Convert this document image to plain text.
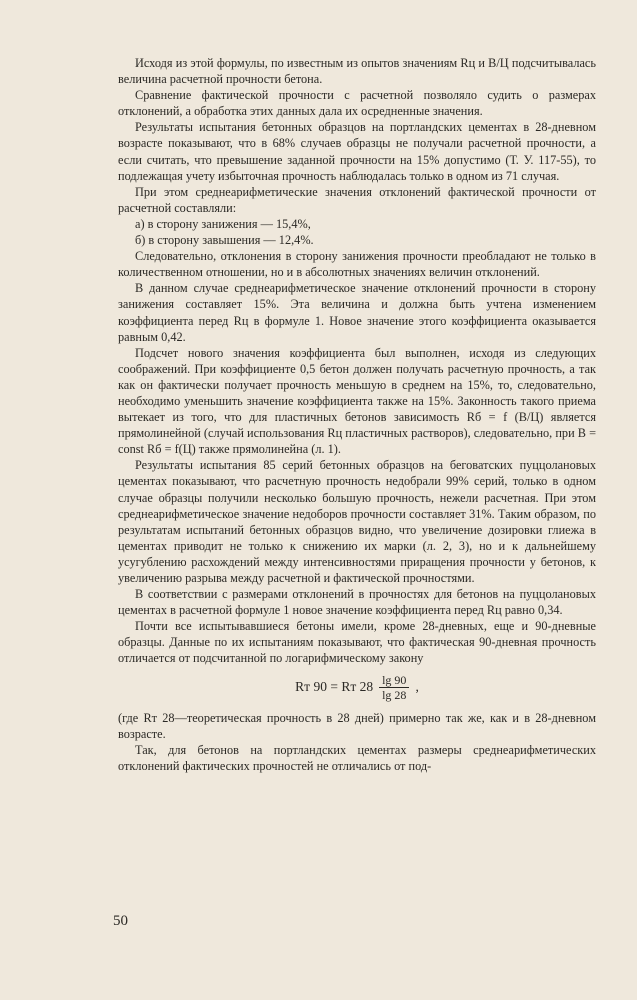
Исходя из этой формулы, по известным из опытов значениям Rц и В/Ц подсчитывалась величина расчетной прочности бетона.

Сравнение фактической прочности с расчетной позволяло судить о размерах отклонений, а обработка этих данных дала их осредненные значения.

Результаты испытания бетонных образцов на портландских цементах в 28-дневном возрасте показывают, что в 68% случаев образцы не получали расчетной прочности, а если считать, что превышение заданной прочности на 15% допустимо (Т. У. 117-55), то подлежащая учету избыточная прочность наблюдалась только в одном из 71 случая.

При этом среднеарифметические значения отклонений фактической прочности от расчетной составляли:

а) в сторону занижения — 15,4%,

б) в сторону завышения — 12,4%.

Следовательно, отклонения в сторону занижения прочности преобладают не только в количественном отношении, но и в абсолютных значениях величин отклонений.

В данном случае среднеарифметическое значение отклонений прочности в сторону занижения составляет 15%. Эта величина и должна быть учтена изменением коэффициента перед Rц в формуле 1. Новое значение этого коэффициента оказывается равным 0,42.

Подсчет нового значения коэффициента был выполнен, исходя из следующих соображений. При коэффициенте 0,5 бетон должен получать расчетную прочность, а так как он фактически получает прочность меньшую в среднем на 15%, то, следовательно, необходимо уменьшить значение коэффициента также на 15%. Законность такого приема вытекает из того, что для пластичных бетонов зависимость Rб = f (В/Ц) является прямолинейной (случай использования Rц пластичных растворов), следовательно, при В = const Rб = f(Ц) также прямолинейна (л. 1).

Результаты испытания 85 серий бетонных образцов на беговатских пуццолановых цементах показывают, что расчетную прочность недобрали 99% серий, только в одном случае образцы получили несколько большую прочность, нежели расчетная. При этом среднеарифметическое значение недоборов прочности составляет 31%. Таким образом, по результатам испытаний бетонных образцов видно, что увеличение дозировки глиежа в цементах приводит не только к снижению их марки (л. 2, 3), но и к дальнейшему усугублению расхождений между интенсивностями приращения прочности у бетонов, к увеличению разрыва между расчетной и фактической прочностями.

В соответствии с размерами отклонений в прочностях для бетонов на пуццолановых цементах в расчетной формуле 1 новое значение коэффициента перед Rц равно 0,34.

Почти все испытывавшиеся бетоны имели, кроме 28-дневных, еще и 90-дневные образцы. Данные по их испытаниям показывают, что фактическая 90-дневная прочность отличается от подсчитанной по логарифмическому закону

Rт 90 = Rт $28 \frac{\lg 90}{\lg 28}$ ,

(где Rт 28—теоретическая прочность в 28 дней) примерно так же, как и в 28-дневном возрасте.

Так, для бетонов на портландских цементах размеры среднеарифметических отклонений фактических прочностей не отличались от под-

50
